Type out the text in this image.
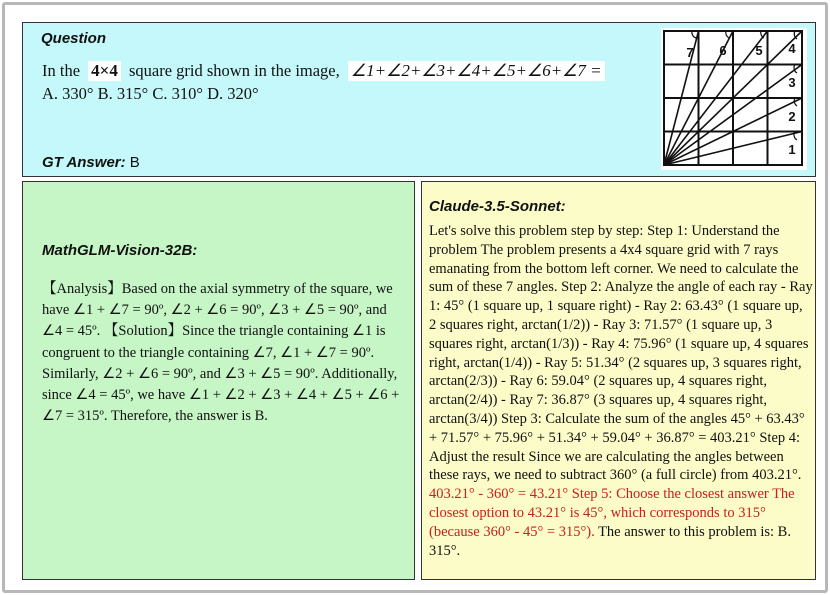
Question
In the 4×4 square grid shown in the image, ∠1+∠2+∠3+∠4+∠5+∠6+∠7 =
A. 330° B. 315° C. 310° D. 320°
GT Answer: B
1
2
3
4
5
6
7
MathGLM-Vision-32B:
【Analysis】Based on the axial symmetry of the square, we have ∠1 + ∠7 = 90º, ∠2 + ∠6 = 90º, ∠3 + ∠5 = 90º, and ∠4 = 45º. 【Solution】Since the triangle containing ∠1 is congruent to the triangle containing ∠7, ∠1 + ∠7 = 90º. Similarly, ∠2 + ∠6 = 90º, and ∠3 + ∠5 = 90º. Additionally, since ∠4 = 45º, we have ∠1 + ∠2 + ∠3 + ∠4 + ∠5 + ∠6 + ∠7 = 315º. Therefore, the answer is B.
Claude-3.5-Sonnet:
Let's solve this problem step by step: Step 1: Understand the problem The problem presents a 4x4 square grid with 7 rays emanating from the bottom left corner. We need to calculate the sum of these 7 angles. Step 2: Analyze the angle of each ray - Ray 1: 45° (1 square up, 1 square right) - Ray 2: 63.43° (1 square up, 2 squares right, arctan(1/2)) - Ray 3: 71.57° (1 square up, 3 squares right, arctan(1/3)) - Ray 4: 75.96° (1 square up, 4 squares right, arctan(1/4)) - Ray 5: 51.34° (2 squares up, 3 squares right, arctan(2/3)) - Ray 6: 59.04° (2 squares up, 4 squares right, arctan(2/4)) - Ray 7: 36.87° (3 squares up, 4 squares right, arctan(3/4)) Step 3: Calculate the sum of the angles 45° + 63.43° + 71.57° + 75.96° + 51.34° + 59.04° + 36.87° = 403.21° Step 4: Adjust the result Since we are calculating the angles between these rays, we need to subtract 360° (a full circle) from 403.21°. 403.21° - 360° = 43.21° Step 5: Choose the closest answer The closest option to 43.21° is 45°, which corresponds to 315° (because 360° - 45° = 315°). The answer to this problem is: B. 315°.
